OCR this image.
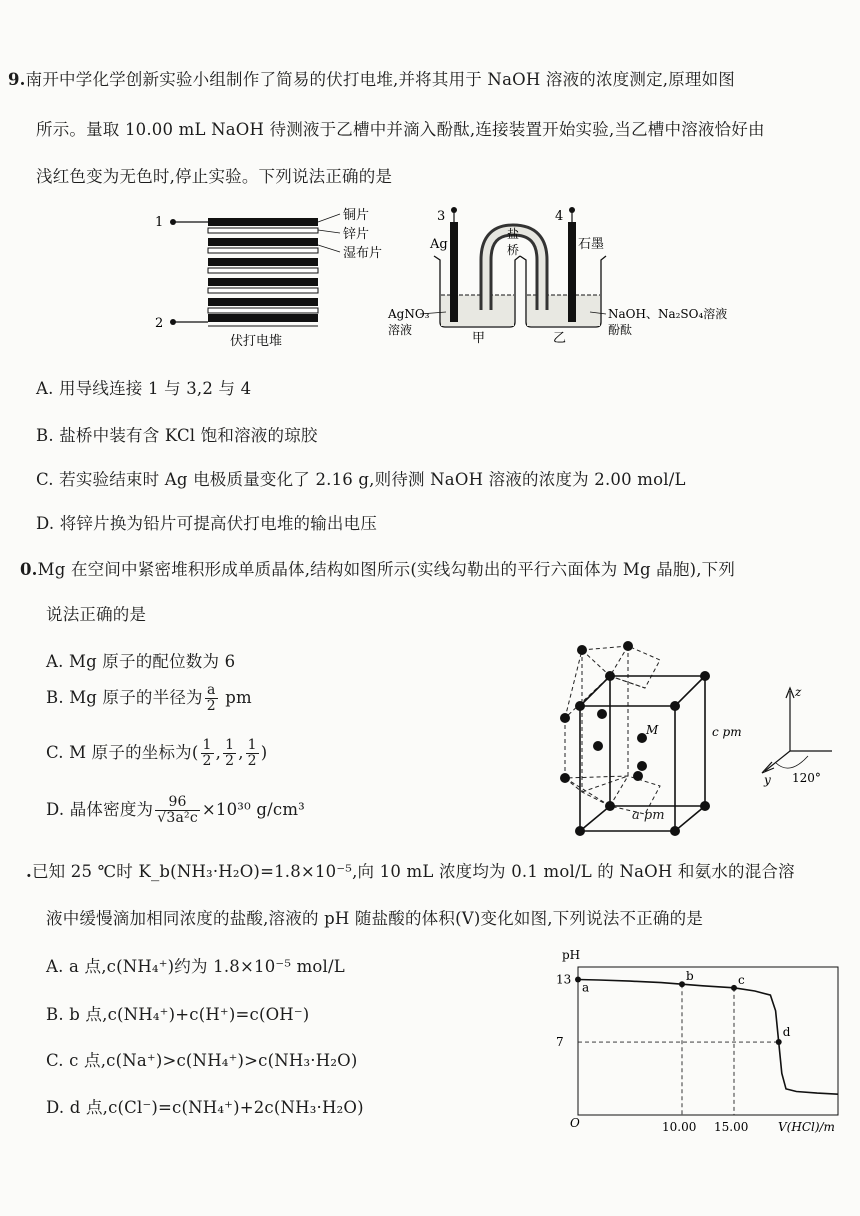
9.南开中学化学创新实验小组制作了简易的伏打电堆,并将其用于 NaOH 溶液的浓度测定,原理如图
所示。量取 10.00 mL NaOH 待测液于乙槽中并滴入酚酞,连接装置开始实验,当乙槽中溶液恰好由
浅红色变为无色时,停止实验。下列说法正确的是
1
2
铜片
锌片
湿布片
伏打电堆
3	4
Ag
盐
桥	石墨
AgNO₃
溶液
甲	乙
NaOH、Na₂SO₄溶液
酚酞
A. 用导线连接 1 与 3,2 与 4
B. 盐桥中装有含 KCl 饱和溶液的琼胶
C. 若实验结束时 Ag 电极质量变化了 2.16 g,则待测 NaOH 溶液的浓度为 2.00 mol/L
D. 将锌片换为铅片可提高伏打电堆的输出电压
0.Mg 在空间中紧密堆积形成单质晶体,结构如图所示(实线勾勒出的平行六面体为 Mg 晶胞),下列
说法正确的是
A. Mg 原子的配位数为 6
B. Mg 原子的半径为 $\frac{a}{2}$ pm
C. M 原子的坐标为( $\frac{1}{2}$ , $\frac{1}{2}$ , $\frac{1}{2}$ )
D. 晶体密度为 $\frac{96}{\text{√3a²c}} \times 10^{30}$ g/cm³
M	c pm
z
y 120°
a pm
.已知 25 ℃时 K_b(NH₃·H₂O)=1.8×10⁻⁵,向 10 mL 浓度均为 0.1 mol/L 的 NaOH 和氨水的混合溶
液中缓慢滴加相同浓度的盐酸,溶液的 pH 随盐酸的体积(V)变化如图,下列说法不正确的是
A. a 点,c(NH₄⁺)约为 1.8×10⁻⁵ mol/L
B. b 点,c(NH₄⁺)+c(H⁺)=c(OH⁻)
C. c 点,c(Na⁺)>c(NH₄⁺)>c(NH₃·H₂O)
D. d 点,c(Cl⁻)=c(NH₄⁺)+2c(NH₃·H₂O)
a
b	c
d
pH
V(HCl)/m
O	10.00 15.00
13
7
